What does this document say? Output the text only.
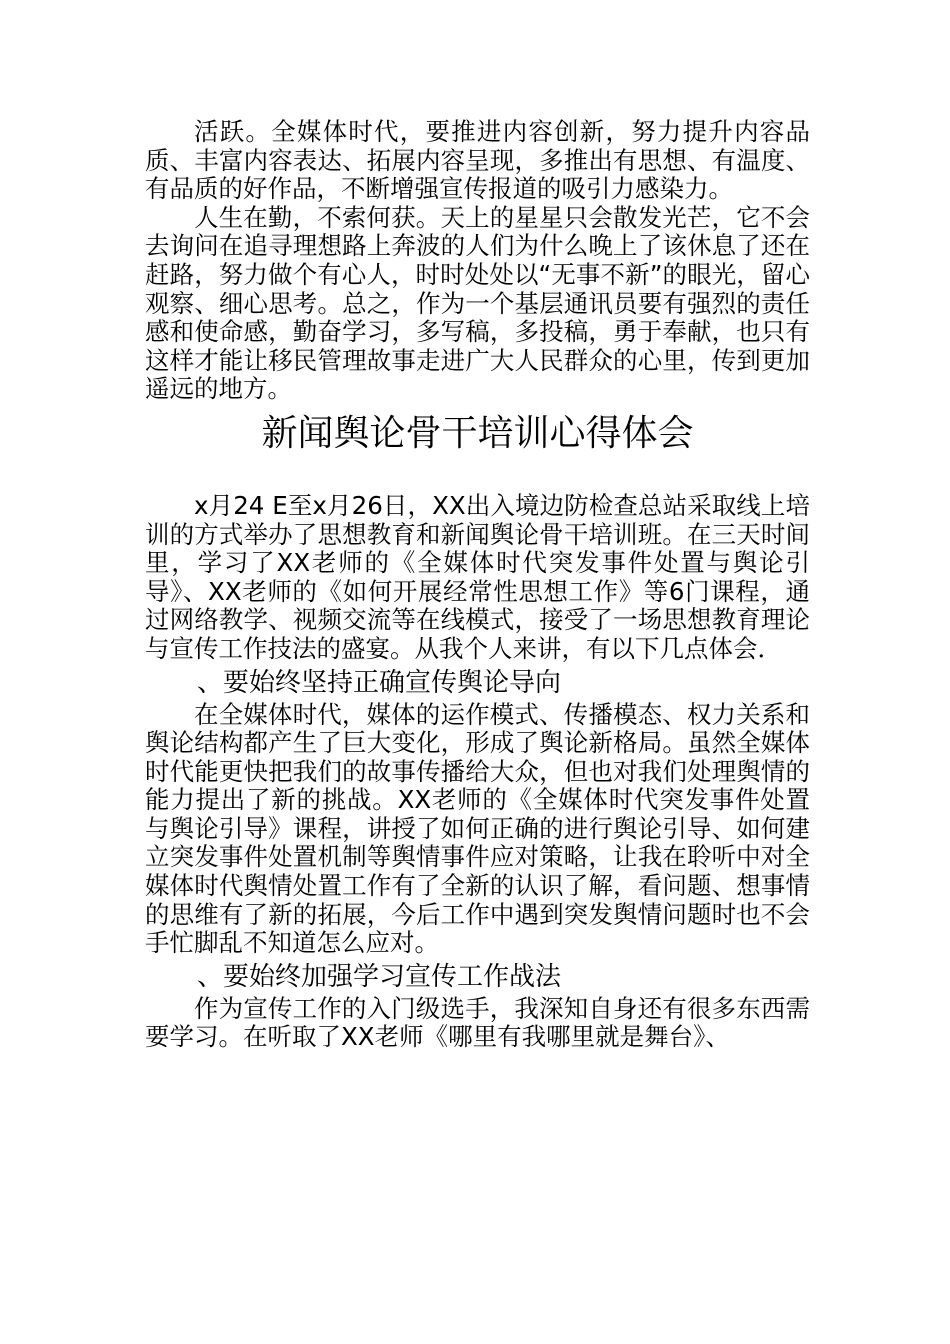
活跃。全媒体时代，要推进内容创新，努力提升内容品质、丰富内容表达、拓展内容呈现，多推出有思想、有温度、有品质的好作品，不断增强宣传报道的吸引力感染力。

人生在勤，不索何获。天上的星星只会散发光芒，它不会去询问在追寻理想路上奔波的人们为什么晚上了该休息了还在赶路，努力做个有心人，时时处处以“无事不新”的眼光，留心观察、细心思考。总之，作为一个基层通讯员要有强烈的责任感和使命感，勤奋学习，多写稿，多投稿，勇于奉献，也只有这样才能让移民管理故事走进广大人民群众的心里，传到更加遥远的地方。

新闻舆论骨干培训心得体会

x月24 E至x月26日，XX出入境边防检查总站采取线上培训的方式举办了思想教育和新闻舆论骨干培训班。在三天时间里，学习了XX老师的《全媒体时代突发事件处置与舆论引导》、XX老师的《如何开展经常性思想工作》等6门课程，通过网络教学、视频交流等在线模式，接受了一场思想教育理论与宣传工作技法的盛宴。从我个人来讲，有以下几点体会．

、要始终坚持正确宣传舆论导向

在全媒体时代，媒体的运作模式、传播模态、权力关系和舆论结构都产生了巨大变化，形成了舆论新格局。虽然全媒体时代能更快把我们的故事传播给大众，但也对我们处理舆情的能力提出了新的挑战。XX老师的《全媒体时代突发事件处置与舆论引导》课程，讲授了如何正确的进行舆论引导、如何建立突发事件处置机制等舆情事件应对策略，让我在聆听中对全媒体时代舆情处置工作有了全新的认识了解，看问题、想事情的思维有了新的拓展，今后工作中遇到突发舆情问题时也不会手忙脚乱不知道怎么应对。

、要始终加强学习宣传工作战法

作为宣传工作的入门级选手，我深知自身还有很多东西需要学习。在听取了XX老师《哪里有我哪里就是舞台》、
